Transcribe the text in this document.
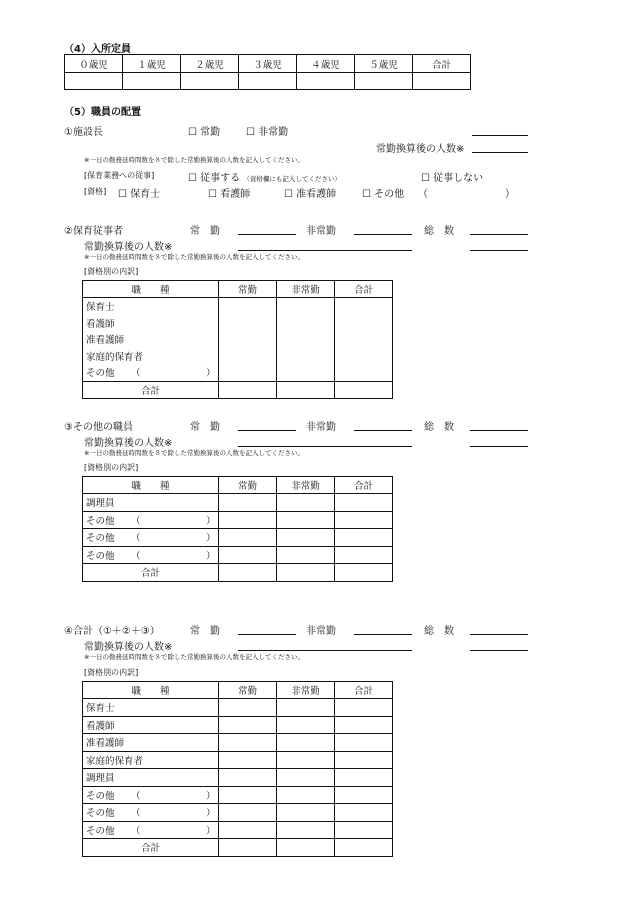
（4）入所定員
０歳児	１歳児	２歳児	３歳児	４歳児	５歳児	合計

（5）職員の配置
①施設長	☐ 常勤	☐ 非常勤
常勤換算後の人数※
※一日の勤務延時間数を８で除した常勤換算後の人数を記入してください。
[保育業務への従事]	☐ 従事する （資格欄にも記入してください）	☐ 従事しない
[資格] ☐ 保育士	☐ 看護師	☐ 准看護師	☐ その他 （	）
②保育従事者	常　勤	非常勤	総　数
常勤換算後の人数※
※一日の勤務延時間数を８で除した常勤換算後の人数を記入してください。
[資格別の内訳]
職　　種	常勤	非常勤	合計
保育士			
看護師			
准看護師			
家庭的保育者			
その他 （ ）			

合計			
③その他の職員	常　勤	非常勤	総　数
常勤換算後の人数※
※一日の勤務延時間数を８で除した常勤換算後の人数を記入してください。
[資格別の内訳]
職　　種	常勤	非常勤	合計
調理員			
その他 （ ）			

その他 （ ）			

その他 （ ）			

合計			
④合計（①＋②＋③）	常　勤	非常勤	総　数
常勤換算後の人数※
※一日の勤務延時間数を８で除した常勤換算後の人数を記入してください。
[資格別の内訳]
職　　種	常勤	非常勤	合計
保育士			
看護師			
准看護師			
家庭的保育者			
調理員			
その他 （ ）			

その他 （ ）			

その他 （ ）			

合計			
